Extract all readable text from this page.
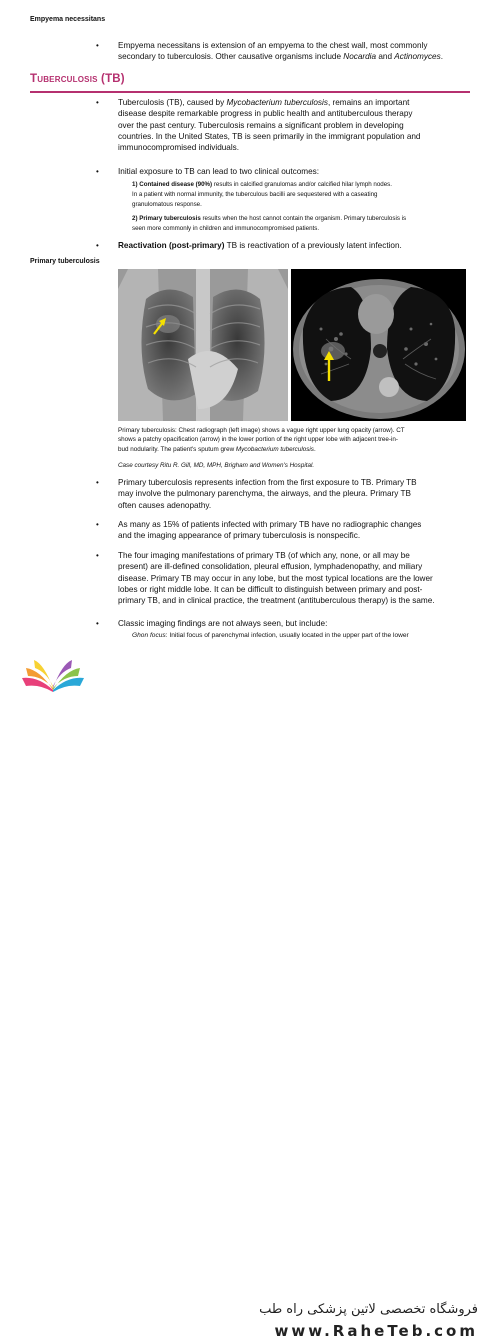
Empyema necessitans
• Empyema necessitans is extension of an empyema to the chest wall, most commonly
secondary to tuberculosis. Other causative organisms include Nocardia and Actinomyces.
Tuberculosis (TB)
• Tuberculosis (TB), caused by Mycobacterium tuberculosis, remains an important
disease despite remarkable progress in public health and antituberculous therapy
over the past century. Tuberculosis remains a significant problem in developing
countries. In the United States, TB is seen primarily in the immigrant population and
immunocompromised individuals.
• Initial exposure to TB can lead to two clinical outcomes:
1) Contained disease (90%) results in calcified granulomas and/or calcified hilar lymph nodes.
In a patient with normal immunity, the tuberculous bacilli are sequestered with a caseating
granulomatous response.
2) Primary tuberculosis results when the host cannot contain the organism. Primary tuberculosis is
seen more commonly in children and immunocompromised patients.
• Reactivation (post-primary) TB is reactivation of a previously latent infection.
Primary tuberculosis
Primary tuberculosis: Chest radiograph (left image) shows a vague right upper lung opacity (arrow). CT
shows a patchy opacification (arrow) in the lower portion of the right upper lobe with adjacent tree-in-
bud nodularity. The patient's sputum grew Mycobacterium tuberculosis.
Case courtesy Ritu R. Gill, MD, MPH, Brigham and Women's Hospital.
• Primary tuberculosis represents infection from the first exposure to TB. Primary TB
may involve the pulmonary parenchyma, the airways, and the pleura. Primary TB
often causes adenopathy.
• As many as 15% of patients infected with primary TB have no radiographic changes
and the imaging appearance of primary tuberculosis is nonspecific.
• The four imaging manifestations of primary TB (of which any, none, or all may be
present) are ill-defined consolidation, pleural effusion, lymphadenopathy, and miliary
disease. Primary TB may occur in any lobe, but the most typical locations are the lower
lobes or right middle lobe. It can be difficult to distinguish between primary and post-
primary TB, and in clinical practice, the treatment (antituberculous therapy) is the same.
• Classic imaging findings are not always seen, but include:
Ghon focus: Initial focus of parenchymal infection, usually located in the upper part of the lower
فروشگاه تخصصی لاتین پزشکی راه طب
www.RaheTeb.com
